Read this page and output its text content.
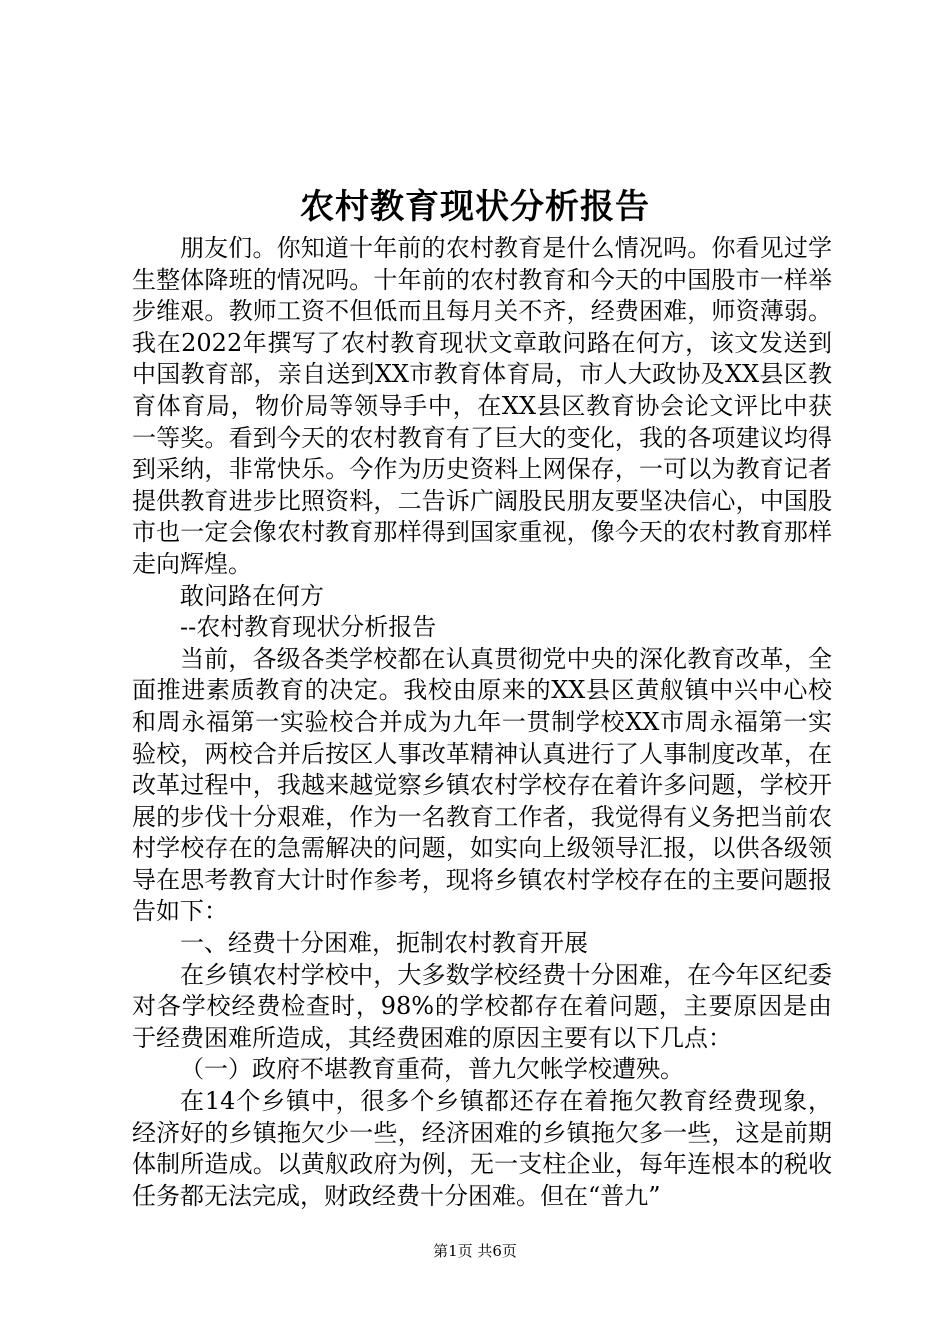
农村教育现状分析报告

朋友们。你知道十年前的农村教育是什么情况吗。你看见过学生整体降班的情况吗。十年前的农村教育和今天的中国股市一样举步维艰。教师工资不但低而且每月关不齐，经费困难，师资薄弱。我在2022年撰写了农村教育现状文章敢问路在何方，该文发送到中国教育部，亲自送到XX市教育体育局，市人大政协及XX县区教育体育局，物价局等领导手中，在XX县区教育协会论文评比中获一等奖。看到今天的农村教育有了巨大的变化，我的各项建议均得到采纳，非常快乐。今作为历史资料上网保存，一可以为教育记者提供教育进步比照资料，二告诉广阔股民朋友要坚决信心，中国股市也一定会像农村教育那样得到国家重视，像今天的农村教育那样走向辉煌。

敢问路在何方

--农村教育现状分析报告

当前，各级各类学校都在认真贯彻党中央的深化教育改革，全面推进素质教育的决定。我校由原来的XX县区黄舣镇中兴中心校和周永福第一实验校合并成为九年一贯制学校XX市周永福第一实验校，两校合并后按区人事改革精神认真进行了人事制度改革，在改革过程中，我越来越觉察乡镇农村学校存在着许多问题，学校开展的步伐十分艰难，作为一名教育工作者，我觉得有义务把当前农村学校存在的急需解决的问题，如实向上级领导汇报，以供各级领导在思考教育大计时作参考，现将乡镇农村学校存在的主要问题报告如下：

一、经费十分困难，扼制农村教育开展

在乡镇农村学校中，大多数学校经费十分困难，在今年区纪委对各学校经费检查时，98%的学校都存在着问题，主要原因是由于经费困难所造成，其经费困难的原因主要有以下几点：

（一）政府不堪教育重荷，普九欠帐学校遭殃。

在14个乡镇中，很多个乡镇都还存在着拖欠教育经费现象，经济好的乡镇拖欠少一些，经济困难的乡镇拖欠多一些，这是前期体制所造成。以黄舣政府为例，无一支柱企业，每年连根本的税收任务都无法完成，财政经费十分困难。但在“普九”

第1页 共6页
